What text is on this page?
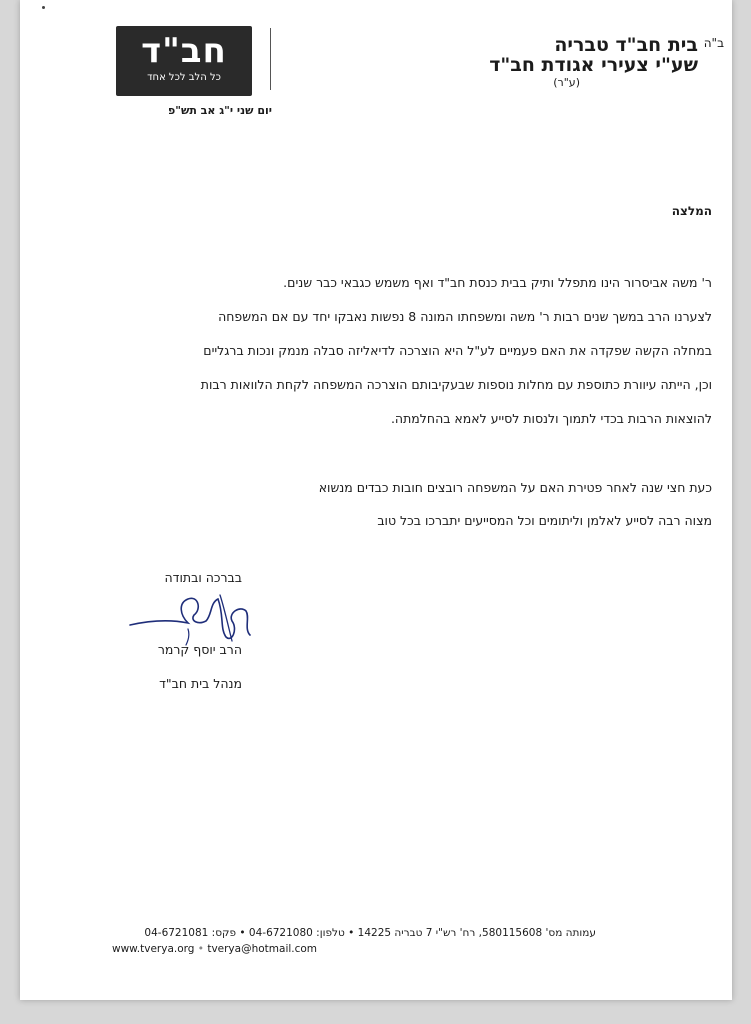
ב"ה
בית חב"ד טבריה
שע"י צעירי אגודת חב"ד
(ע"ר)
חב"ד
כל הלב לכל אחד
יום שני י"ג אב תש"פ
המלצה
ר' משה אביסרור הינו מתפלל ותיק בבית כנסת חב"ד ואף משמש כגבאי כבר שנים.
לצערנו הרב במשך שנים רבות ר' משה ומשפחתו המונה 8 נפשות נאבקו יחד עם אם המשפחה
במחלה הקשה שפקדה את האם פעמיים לע"ל היא הוצרכה לדיאליזה סבלה מנמק ונכות ברגליים
וכן, הייתה עיוורת כתוספת עם מחלות נוספות שבעקיבותם הוצרכה המשפחה לקחת הלוואות רבות
להוצאות הרבות בכדי לתמוך ולנסות לסייע לאמא בהחלמתה.
כעת חצי שנה לאחר פטירת האם על המשפחה רובצים חובות כבדים מנשוא
מצוה רבה לסייע לאלמן וליתומים וכל המסייעים יתברכו בכל טוב
בברכה ובתודה
הרב יוסף קרמר
מנהל בית חב"ד
עמותה מס' 580115608, רח' רש"י 7 טבריה 14225 • טלפון: 04-6721080 • פקס: 04-6721081
www.tverya.org • tverya@hotmail.com
